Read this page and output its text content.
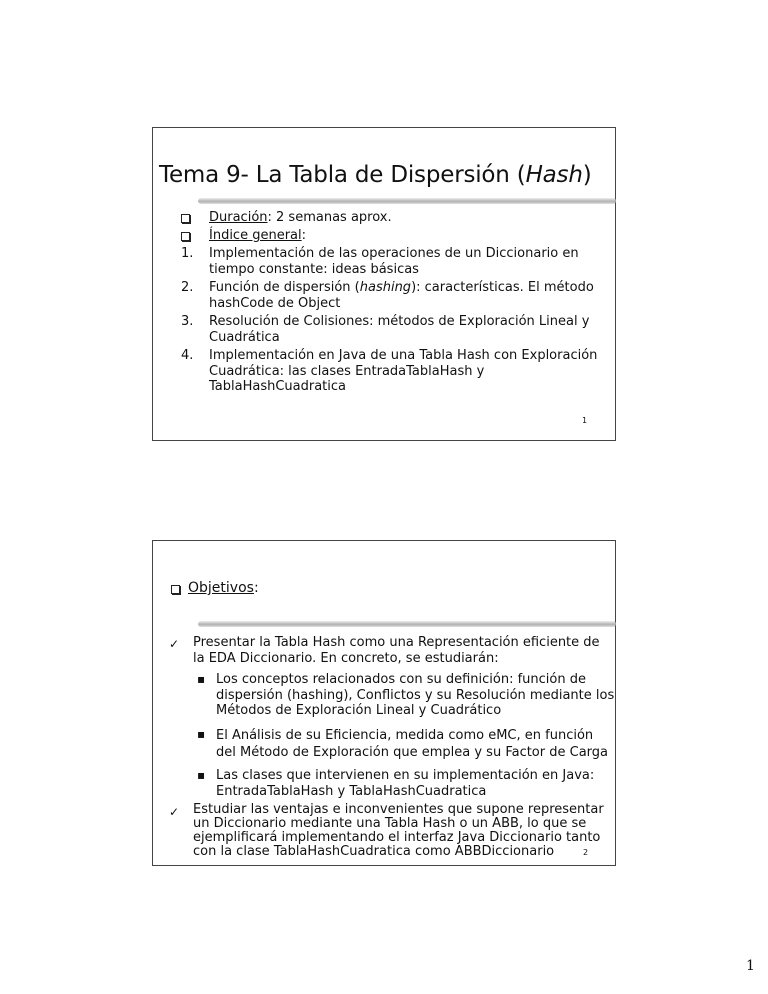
Tema 9- La Tabla de Dispersión (Hash)
Duración: 2 semanas aprox.
Índice general:
1. Implementación de las operaciones de un Diccionario en tiempo constante: ideas básicas
2. Función de dispersión (hashing): características. El método hashCode de Object
3. Resolución de Colisiones: métodos de Exploración Lineal y Cuadrática
4. Implementación en Java de una Tabla Hash con Exploración Cuadrática: las clases EntradaTablaHash y TablaHashCuadratica
1
Objetivos:
✓ Presentar la Tabla Hash como una Representación eficiente de la EDA Diccionario. En concreto, se estudiarán:
▪ Los conceptos relacionados con su definición: función de dispersión (hashing), Conflictos y su Resolución mediante los Métodos de Exploración Lineal y Cuadrático
▪ El Análisis de su Eficiencia, medida como eMC, en función del Método de Exploración que emplea y su Factor de Carga
▪ Las clases que intervienen en su implementación en Java: EntradaTablaHash y TablaHashCuadratica
✓ Estudiar las ventajas e inconvenientes que supone representar un Diccionario mediante una Tabla Hash o un ABB, lo que se ejemplificará implementando el interfaz Java Diccionario tanto con la clase TablaHashCuadratica como ABBDiccionario	2
1
